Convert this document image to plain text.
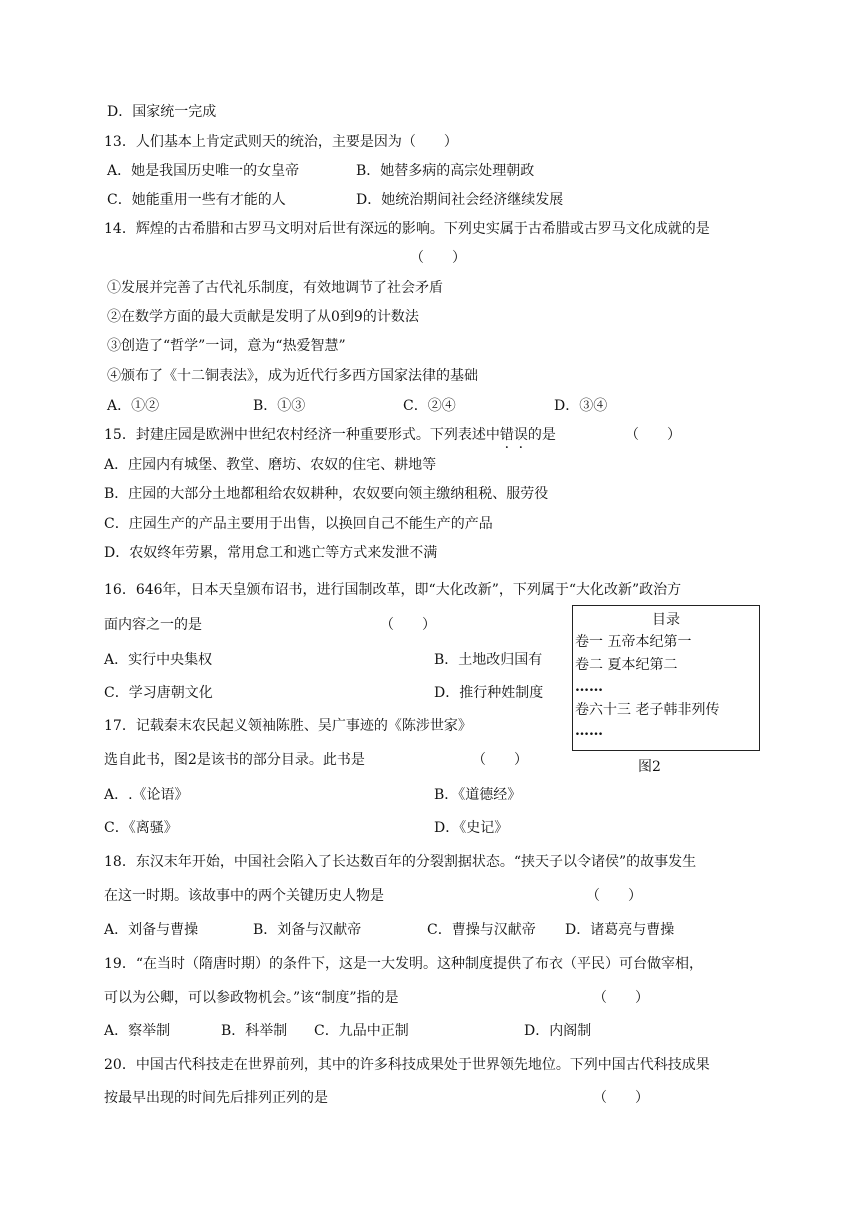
D．国家统一完成
13．人们基本上肯定武则天的统治，主要是因为（　　）
A．她是我国历史唯一的女皇帝	B．她替多病的高宗处理朝政
C．她能重用一些有才能的人	D．她统治期间社会经济继续发展
14．辉煌的古希腊和古罗马文明对后世有深远的影响。下列史实属于古希腊或古罗马文化成就的是
（　　）
①发展并完善了古代礼乐制度，有效地调节了社会矛盾
②在数学方面的最大贡献是发明了从0到9的计数法
③创造了“哲学”一词，意为“热爱智慧”
④颁布了《十二铜表法》，成为近代行多西方国家法律的基础
A．①②	B．①③	C．②④	D．③④
15．封建庄园是欧洲中世纪农村经济一种重要形式。下列表述中错误的是	（　　）
A．庄园内有城堡、教堂、磨坊、农奴的住宅、耕地等
B．庄园的大部分土地都租给农奴耕种，农奴要向领主缴纳租税、服劳役
C．庄园生产的产品主要用于出售，以换回自己不能生产的产品
D．农奴终年劳累，常用怠工和逃亡等方式来发泄不满
16．646年，日本天皇颁布诏书，进行国制改革，即“大化改新”，下列属于“大化改新”政治方
面内容之一的是	（　　）
A．实行中央集权	B．土地改归国有
C．学习唐朝文化	D．推行种姓制度
目录
卷一 五帝本纪第一
卷二 夏本纪第二
……
卷六十三 老子韩非列传
……
图2
17．记载秦末农民起义领袖陈胜、吴广事迹的《陈涉世家》
选自此书，图2是该书的部分目录。此书是	（　　）
A．.《论语》	B．《道德经》
C．《离骚》	D．《史记》
18．东汉末年开始，中国社会陷入了长达数百年的分裂割据状态。“挟天子以令诸侯”的故事发生
在这一时期。该故事中的两个关键历史人物是	（　　）
A．刘备与曹操	B．刘备与汉献帝	C．曹操与汉献帝 D．诸葛亮与曹操
19．“在当时（隋唐时期）的条件下，这是一大发明。这种制度提供了布衣（平民）可台做宰相，
可以为公卿，可以参政物机会。”该“制度”指的是	（　　）
A．察举制	B．科举制 C．九品中正制	D．内阁制
20．中国古代科技走在世界前列，其中的许多科技成果处于世界领先地位。下列中国古代科技成果
按最早出现的时间先后排列正列的是	（　　）
